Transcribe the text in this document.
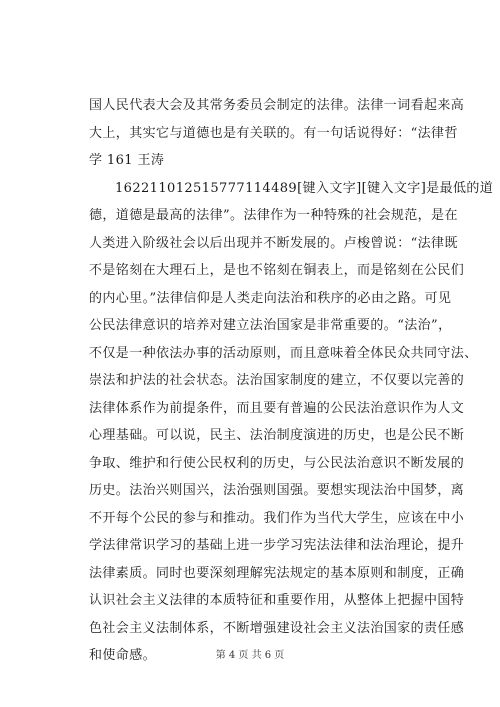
国人民代表大会及其常务委员会制定的法律。法律一词看起来高
大上，其实它与道德也是有关联的。有一句话说得好：“法律哲
学 161 王涛
16221101251577711448​9[键入文字][键入文字]是最低的道
德，道德是最高的法律”。法律作为一种特殊的社会规范，是在
人类进入阶级社会以后出现并不断发展的。卢梭曾说：“法律既
不是铭刻在大理石上，是也不铭刻在铜表上，而是铭刻在公民们
的内心里。”法律信仰是人类走向法治和秩序的必由之路。可见
公民法律意识的培养对建立法治国家是非常重要的。“法治”，
不仅是一种依法办事的活动原则，而且意味着全体民众共同守法、
崇法和护法的社会状态。法治国家制度的建立，不仅要以完善的
法律体系作为前提条件，而且要有普遍的公民法治意识作为人文
心理基础。可以说，民主、法治制度演进的历史，也是公民不断
争取、维护和行使公民权利的历史，与公民法治意识不断发展的
历史。法治兴则国兴，法治强则国强。要想实现法治中国梦，离
不开每个公民的参与和推动。我们作为当代大学生，应该在中小
学法律常识学习的基础上进一步学习宪法法律和法治理论，提升
法律素质。同时也要深刻理解宪法规定的基本原则和制度，正确
认识社会主义法律的本质特征和重要作用，从整体上把握中国特
色社会主义法制体系，不断增强建设社会主义法治国家的责任感
和使命感。	第 4 页 共 6 页
